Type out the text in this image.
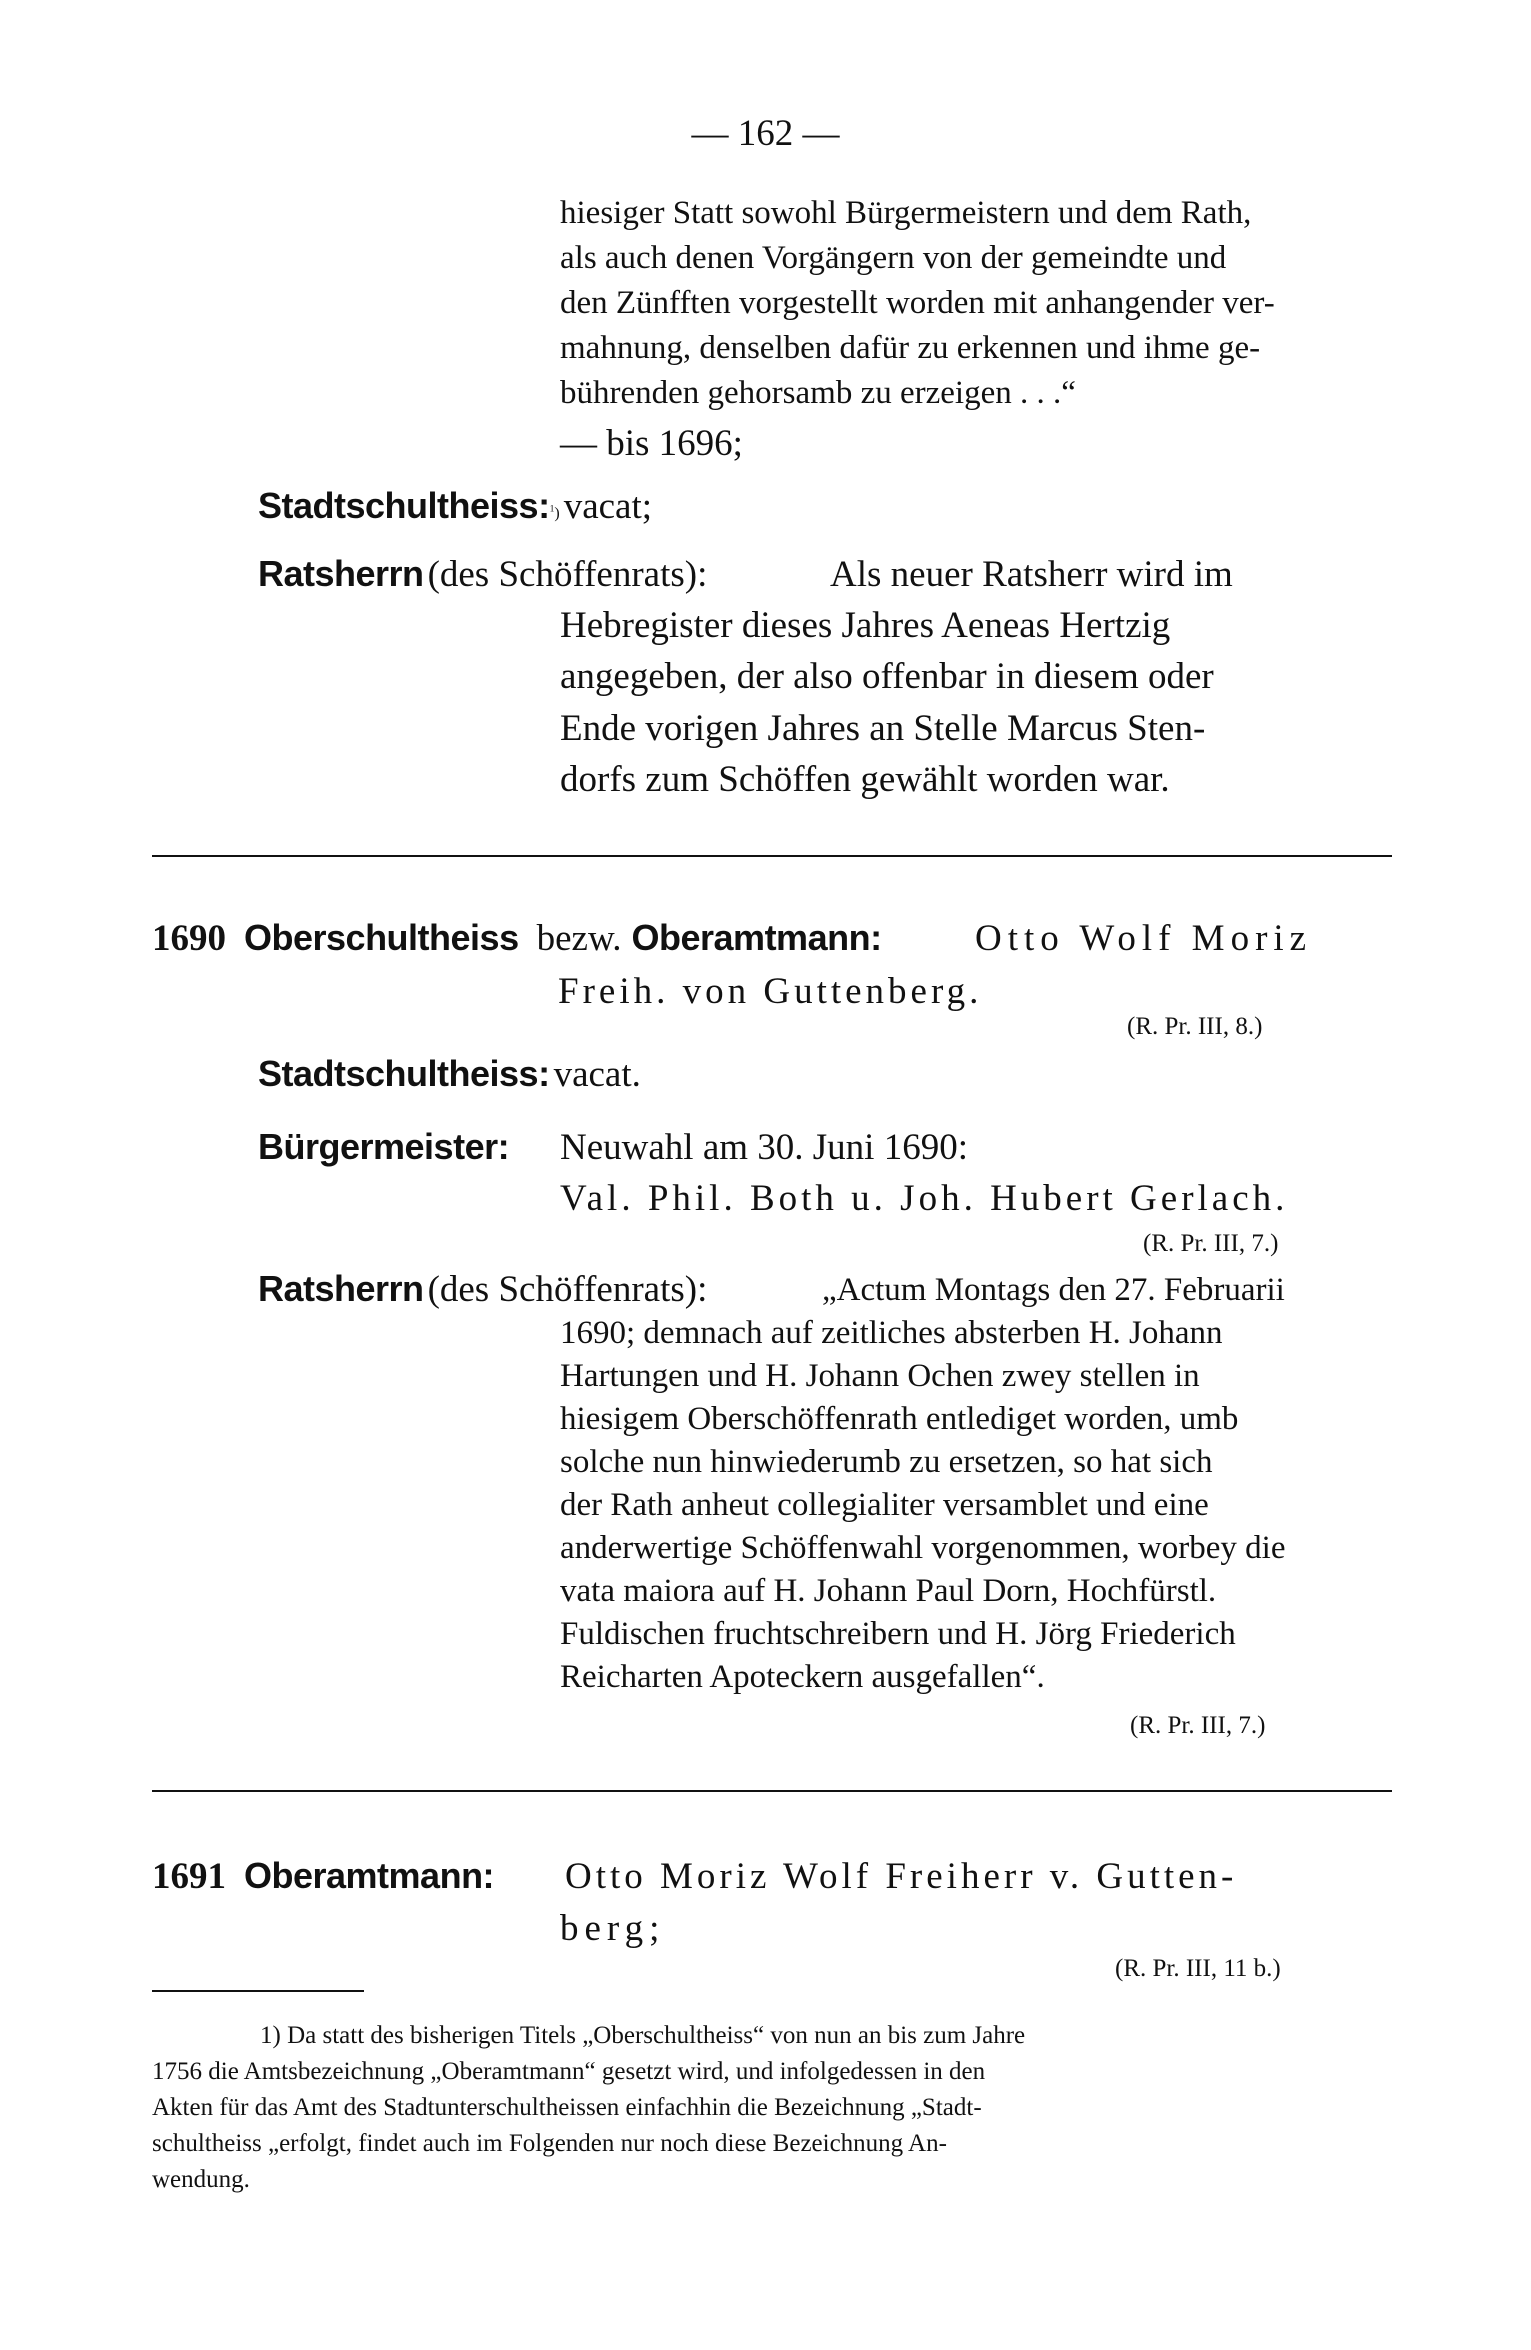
— 162 —
hiesiger Statt sowohl Bürgermeistern und dem Rath,
als auch denen Vorgängern von der gemeindte und
den Zünfften vorgestellt worden mit anhangender ver-
mahnung, denselben dafür zu erkennen und ihme ge-
bührenden gehorsamb zu erzeigen . . .“
— bis 1696;
Stadtschultheiss:$^1$) vacat;
Ratsherrn (des Schöffenrats):	Als neuer Ratsherr wird im
Hebregister dieses Jahres Aeneas Hertzig
angegeben, der also offenbar in diesem oder
Ende vorigen Jahres an Stelle Marcus Sten-
dorfs zum Schöffen gewählt worden war.
1690 Oberschultheiss bezw. Oberamtmann:	Otto Wolf Moriz
Freih. von Guttenberg.
(R. Pr. III, 8.)
Stadtschultheiss: vacat.
Bürgermeister: Neuwahl am 30. Juni 1690:
Val. Phil. Both u. Joh. Hubert Gerlach.
(R. Pr. III, 7.)
Ratsherrn (des Schöffenrats):	„Actum Montags den 27. Februarii
1690; demnach auf zeitliches absterben H. Johann
Hartungen und H. Johann Ochen zwey stellen in
hiesigem Oberschöffenrath entlediget worden, umb
solche nun hinwiederumb zu ersetzen, so hat sich
der Rath anheut collegialiter versamblet und eine
anderwertige Schöffenwahl vorgenommen, worbey die
vata maiora auf H. Johann Paul Dorn, Hochfürstl.
Fuldischen fruchtschreibern und H. Jörg Friederich
Reicharten Apoteckern ausgefallen“.
(R. Pr. III, 7.)
1691 Oberamtmann: Otto Moriz Wolf Freiherr v. Gutten-
berg;
(R. Pr. III, 11 b.)
1) Da statt des bisherigen Titels „Oberschultheiss“ von nun an bis zum Jahre
1756 die Amtsbezeichnung „Oberamtmann“ gesetzt wird, und infolgedessen in den
Akten für das Amt des Stadtunterschultheissen einfachhin die Bezeichnung „Stadt-
schultheiss „erfolgt, findet auch im Folgenden nur noch diese Bezeichnung An-
wendung.
